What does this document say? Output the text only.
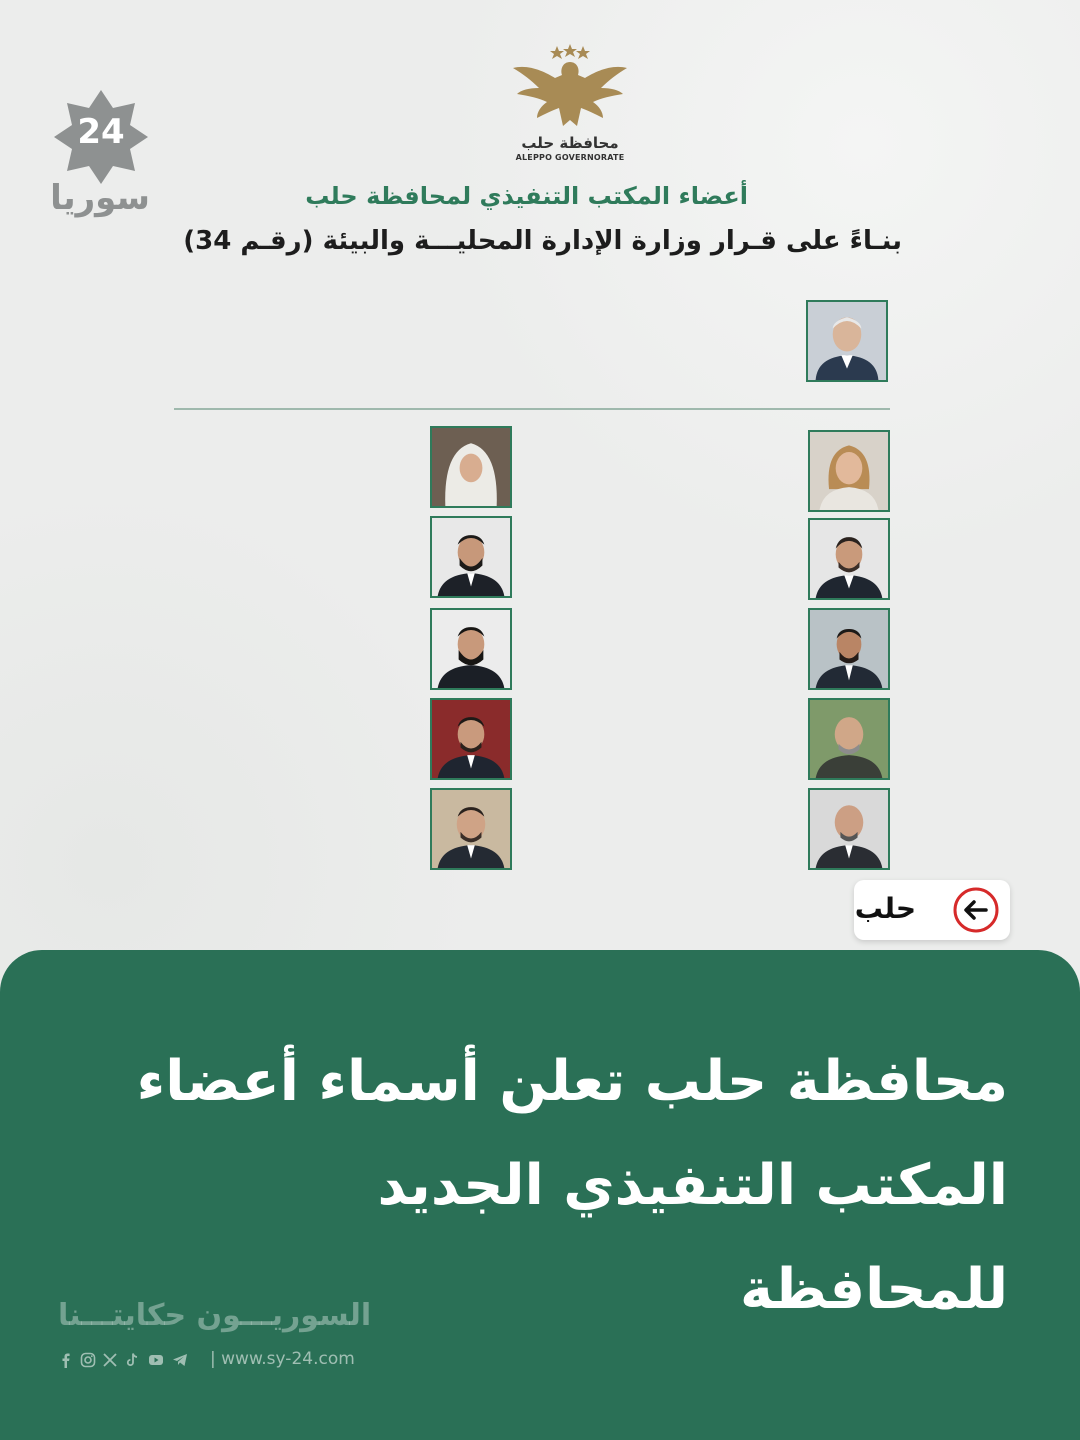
24
سوريا
محافظة حلب
ALEPPO GOVERNORATE
أعضاء المكتب التنفيذي لمحافظة حلب
بنـاءً على قـرار وزارة الإدارة المحليـــة والبيئة (رقـم 34)
حلب
محافظة حلب تعلن أسماء أعضاء
المكتب التنفيذي الجديد للمحافظة
السوريـــون حكايتـــنا
| www.sy-24.com
